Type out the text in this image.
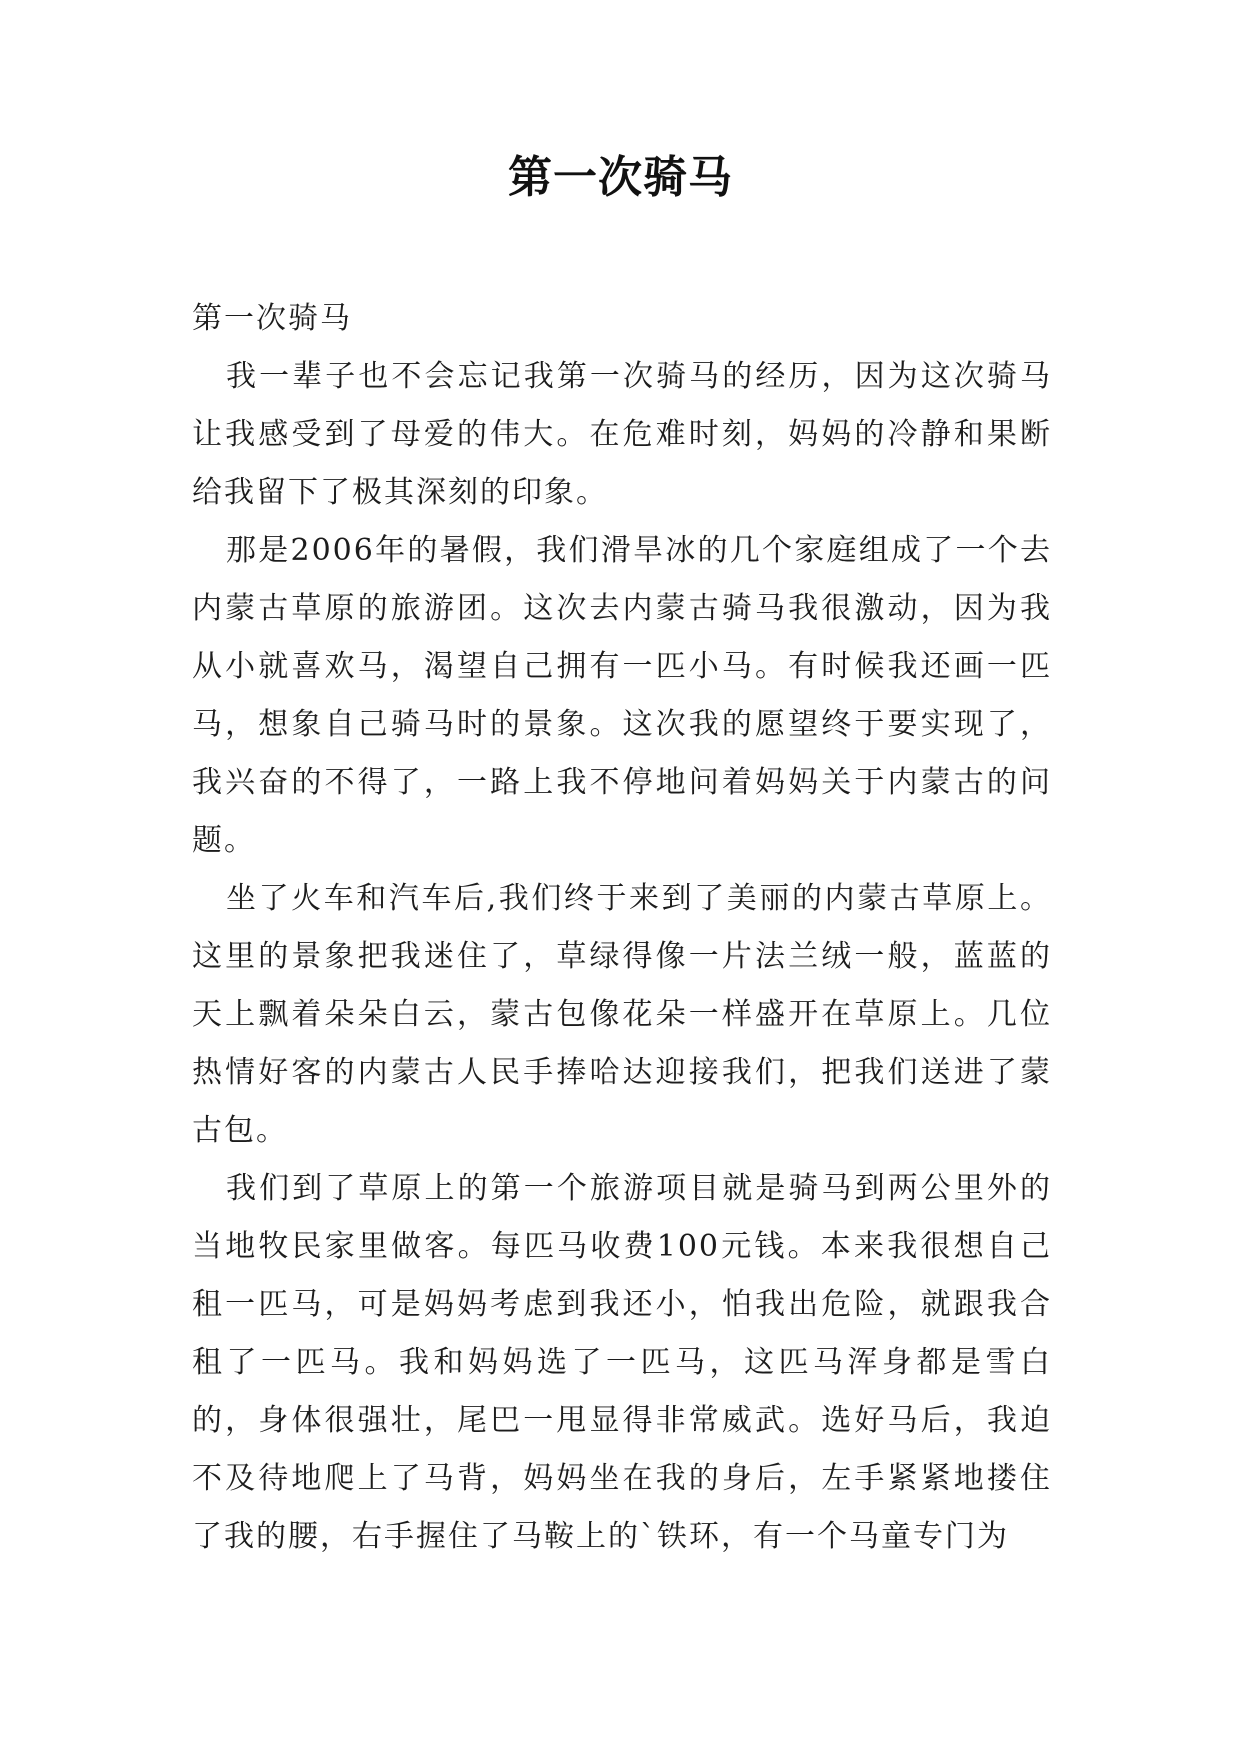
第一次骑马

第一次骑马

我一辈子也不会忘记我第一次骑马的经历，因为这次骑马让我感受到了母爱的伟大。在危难时刻，妈妈的冷静和果断给我留下了极其深刻的印象。

那是2006年的暑假，我们滑旱冰的几个家庭组成了一个去内蒙古草原的旅游团。这次去内蒙古骑马我很激动，因为我从小就喜欢马，渴望自己拥有一匹小马。有时候我还画一匹马，想象自己骑马时的景象。这次我的愿望终于要实现了，我兴奋的不得了，一路上我不停地问着妈妈关于内蒙古的问题。

坐了火车和汽车后,我们终于来到了美丽的内蒙古草原上。这里的景象把我迷住了，草绿得像一片法兰绒一般，蓝蓝的天上飘着朵朵白云，蒙古包像花朵一样盛开在草原上。几位热情好客的内蒙古人民手捧哈达迎接我们，把我们送进了蒙古包。

我们到了草原上的第一个旅游项目就是骑马到两公里外的当地牧民家里做客。每匹马收费100元钱。本来我很想自己租一匹马，可是妈妈考虑到我还小，怕我出危险，就跟我合租了一匹马。我和妈妈选了一匹马，这匹马浑身都是雪白的，身体很强壮，尾巴一甩显得非常威武。选好马后，我迫不及待地爬上了马背，妈妈坐在我的身后，左手紧紧地搂住了我的腰，右手握住了马鞍上的`铁环，有一个马童专门为
